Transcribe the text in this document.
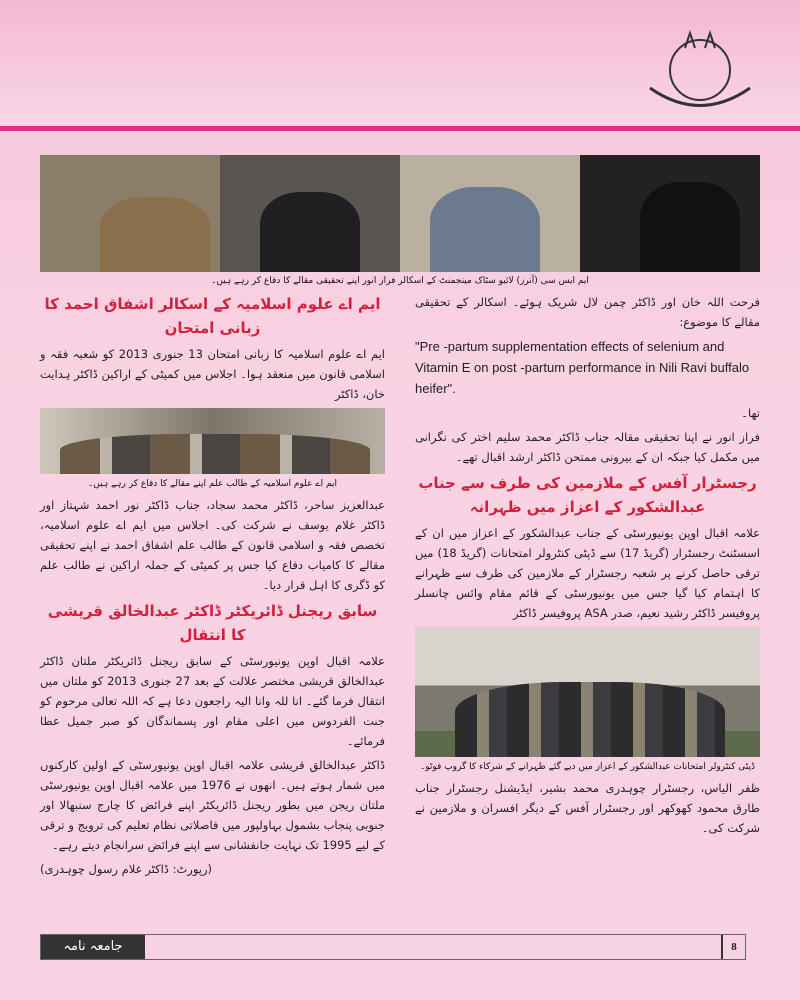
ایم ایس سی (آنرز) لائیو سٹاک مینجمنٹ کے اسکالر فراز انور اپنے تحقیقی مقالے کا دفاع کر رہے ہیں۔
فرحت اللہ خان اور ڈاکٹر چمن لال شریک ہوئے۔ اسکالر کے تحقیقی مقالے کا موضوع:
"Pre -partum supplementation effects of selenium and Vitamin E on post -partum performance in Nili Ravi buffalo heifer".
تھا۔
فراز انور نے اپنا تحقیقی مقالہ جناب ڈاکٹر محمد سلیم اختر کی نگرانی میں مکمل کیا جبکہ ان کے بیرونی ممتحن ڈاکٹر ارشد اقبال تھے۔
رجسٹرار آفس کے ملازمین کی طرف سے جناب عبدالشکور کے اعزاز میں ظہرانہ
علامہ اقبال اوپن یونیورسٹی کے جناب عبدالشکور کے اعزاز میں ان کے اسسٹنٹ رجسٹرار (گریڈ 17) سے ڈپٹی کنٹرولر امتحانات (گریڈ 18) میں ترقی حاصل کرنے پر شعبہ رجسٹرار کے ملازمین کی طرف سے ظہرانے کا اہتمام کیا گیا جس میں یونیورسٹی کے قائم مقام وائس چانسلر پروفیسر ڈاکٹر رشید نعیم، صدر ASA پروفیسر ڈاکٹر
ڈپٹی کنٹرولر امتحانات عبدالشکور کے اعزاز میں دیے گئے ظہرانے کے شرکاء کا گروپ فوٹو۔
ظفر الیاس، رجسٹرار چوہدری محمد بشیر، ایڈیشنل رجسٹرار جناب طارق محمود کھوکھر اور رجسٹرار آفس کے دیگر افسران و ملازمین نے شرکت کی۔
ایم اے علوم اسلامیہ کے اسکالر اشفاق احمد کا زبانی امتحان
ایم اے علوم اسلامیہ کا زبانی امتحان 13 جنوری 2013 کو شعبہ فقہ و اسلامی قانون میں منعقد ہوا۔ اجلاس میں کمیٹی کے اراکین ڈاکٹر ہدایت خان، ڈاکٹر
ایم اے علوم اسلامیہ کے طالب علم اپنے مقالے کا دفاع کر رہے ہیں۔
عبدالعزیز ساحر، ڈاکٹر محمد سجاد، جناب ڈاکٹر نور احمد شہتاز اور ڈاکٹر غلام یوسف نے شرکت کی۔ اجلاس میں ایم اے علوم اسلامیہ، تخصص فقہ و اسلامی قانون کے طالب علم اشفاق احمد نے اپنے تحقیقی مقالے کا کامیاب دفاع کیا جس پر کمیٹی کے جملہ اراکین نے طالب علم کو ڈگری کا اہل قرار دیا۔
سابق ریجنل ڈائریکٹر ڈاکٹر عبدالخالق قریشی کا انتقال
علامہ اقبال اوپن یونیورسٹی کے سابق ریجنل ڈائریکٹر ملتان ڈاکٹر عبدالخالق قریشی مختصر علالت کے بعد 27 جنوری 2013 کو ملتان میں انتقال فرما گئے۔ انا للہ وانا الیہ راجعون دعا ہے کہ اللہ تعالی مرحوم کو جنت الفردوس میں اعلی مقام اور پسماندگان کو صبر جمیل عطا فرمائے۔
ڈاکٹر عبدالخالق قریشی علامہ اقبال اوپن یونیورسٹی کے اولین کارکنوں میں شمار ہوتے ہیں۔ انھوں نے 1976 میں علامہ اقبال اوپن یونیورسٹی ملتان ریجن میں بطور ریجنل ڈائریکٹر اپنے فرائض کا چارج سنبھالا اور جنوبی پنجاب بشمول بہاولپور میں فاصلاتی نظام تعلیم کی ترویج و ترقی کے لیے 1995 تک نہایت جانفشانی سے اپنے فرائض سرانجام دیتے رہے۔
(رپورٹ: ڈاکٹر غلام رسول چوہدری)
جامعہ نامہ	8
